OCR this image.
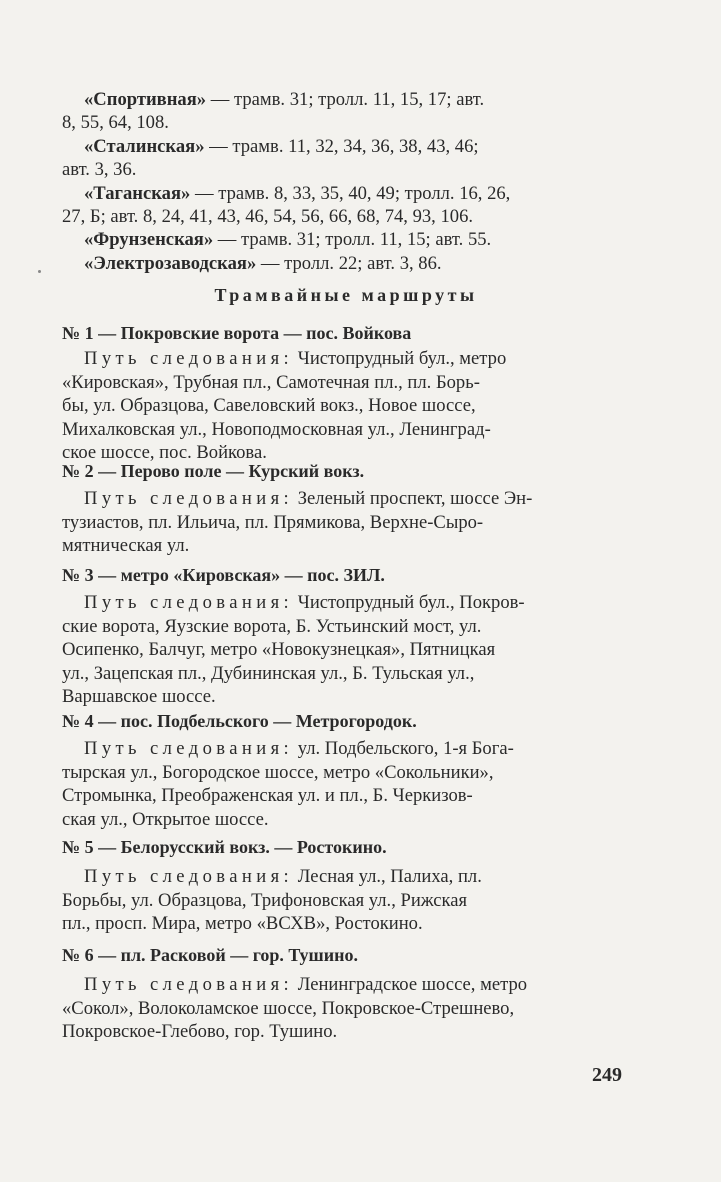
«Спортивная» — трамв. 31; тролл. 11, 15, 17; авт.
8, 55, 64, 108.
«Сталинская» — трамв. 11, 32, 34, 36, 38, 43, 46;
авт. 3, 36.
«Таганская» — трамв. 8, 33, 35, 40, 49; тролл. 16, 26,
27, Б; авт. 8, 24, 41, 43, 46, 54, 56, 66, 68, 74, 93, 106.
«Фрунзенская» — трамв. 31; тролл. 11, 15; авт. 55.
«Электрозаводская» — тролл. 22; авт. 3, 86.
Трамвайные маршруты
№ 1 — Покровские ворота — пос. Войкова
Путь следования: Чистопрудный бул., метро
«Кировская», Трубная пл., Самотечная пл., пл. Борь-
бы, ул. Образцова, Савеловский вокз., Новое шоссе,
Михалковская ул., Новоподмосковная ул., Ленинград-
ское шоссе, пос. Войкова.
№ 2 — Перово поле — Курский вокз.
Путь следования: Зеленый проспект, шоссе Эн-
тузиастов, пл. Ильича, пл. Прямикова, Верхне-Сыро-
мятническая ул.
№ 3 — метро «Кировская» — пос. ЗИЛ.
Путь следования: Чистопрудный бул., Покров-
ские ворота, Яузские ворота, Б. Устьинский мост, ул.
Осипенко, Балчуг, метро «Новокузнецкая», Пятницкая
ул., Зацепская пл., Дубининская ул., Б. Тульская ул.,
Варшавское шоссе.
№ 4 — пос. Подбельского — Метрогородок.
Путь следования: ул. Подбельского, 1-я Бога-
тырская ул., Богородское шоссе, метро «Сокольники»,
Стромынка, Преображенская ул. и пл., Б. Черкизов-
ская ул., Открытое шоссе.
№ 5 — Белорусский вокз. — Ростокино.
Путь следования: Лесная ул., Палиха, пл.
Борьбы, ул. Образцова, Трифоновская ул., Рижская
пл., просп. Мира, метро «ВСХВ», Ростокино.
№ 6 — пл. Расковой — гор. Тушино.
Путь следования: Ленинградское шоссе, метро
«Сокол», Волоколамское шоссе, Покровское-Стрешнево,
Покровское-Глебово, гор. Тушино.
249
